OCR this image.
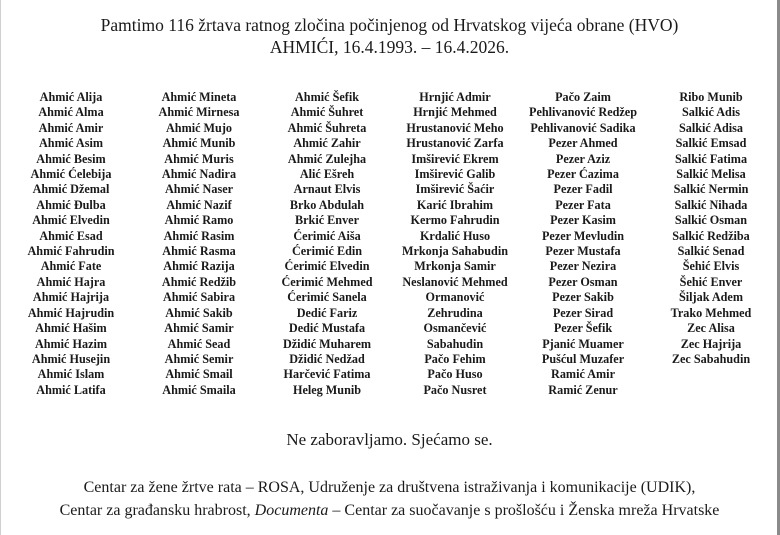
Pamtimo 116 žrtava ratnog zločina počinjenog od Hrvatskog vijeća obrane (HVO)
AHMIĆI, 16.4.1993. – 16.4.2026.
Ahmić Alija
Ahmić Alma
Ahmić Amir
Ahmić Asim
Ahmić Besim
Ahmić Ćelebija
Ahmić Džemal
Ahmić Đulba
Ahmić Elvedin
Ahmić Esad
Ahmić Fahrudin
Ahmić Fate
Ahmić Hajra
Ahmić Hajrija
Ahmić Hajrudin
Ahmić Hašim
Ahmić Hazim
Ahmić Husejin
Ahmić Islam
Ahmić Latifa
Ahmić Mineta
Ahmić Mirnesa
Ahmić Mujo
Ahmić Munib
Ahmić Muris
Ahmić Nadira
Ahmić Naser
Ahmić Nazif
Ahmić Ramo
Ahmić Rasim
Ahmić Rasma
Ahmić Razija
Ahmić Redžib
Ahmić Sabira
Ahmić Sakib
Ahmić Samir
Ahmić Sead
Ahmić Semir
Ahmić Smail
Ahmić Smaila
Ahmić Šefik
Ahmić Šuhret
Ahmić Šuhreta
Ahmić Zahir
Ahmić Zulejha
Alić Ešreh
Arnaut Elvis
Brko Abdulah
Brkić Enver
Ćerimić Aiša
Ćerimić Edin
Ćerimić Elvedin
Ćerimić Mehmed
Ćerimić Sanela
Dedić Fariz
Dedić Mustafa
Džidić Muharem
Džidić Nedžad
Harčević Fatima
Heleg Munib
Hrnjić Admir
Hrnjić Mehmed
Hrustanović Meho
Hrustanović Zarfa
Imširević Ekrem
Imširević Galib
Imširević Šaćir
Karić Ibrahim
Kermo Fahrudin
Krdalić Huso
Mrkonja Sahabudin
Mrkonja Samir
Neslanović Mehmed
Ormanović
Zehrudina
Osmančević
Sabahudin
Pačo Fehim
Pačo Huso
Pačo Nusret
Pačo Zaim
Pehlivanović Redžep
Pehlivanović Sadika
Pezer Ahmed
Pezer Aziz
Pezer Ćazima
Pezer Fadil
Pezer Fata
Pezer Kasim
Pezer Mevludin
Pezer Mustafa
Pezer Nezira
Pezer Osman
Pezer Sakib
Pezer Sirad
Pezer Šefik
Pjanić Muamer
Pušćul Muzafer
Ramić Amir
Ramić Zenur
Ribo Munib
Salkić Adis
Salkić Adisa
Salkić Emsad
Salkić Fatima
Salkić Melisa
Salkić Nermin
Salkić Nihada
Salkić Osman
Salkić Redžiba
Salkić Senad
Šehić Elvis
Šehić Enver
Šiljak Adem
Trako Mehmed
Zec Alisa
Zec Hajrija
Zec Sabahudin
Ne zaboravljamo. Sjećamo se.
Centar za žene žrtve rata – ROSA, Udruženje za društvena istraživanja i komunikacije (UDIK),
Centar za građansku hrabrost, Documenta – Centar za suočavanje s prošlošću i Ženska mreža Hrvatske
